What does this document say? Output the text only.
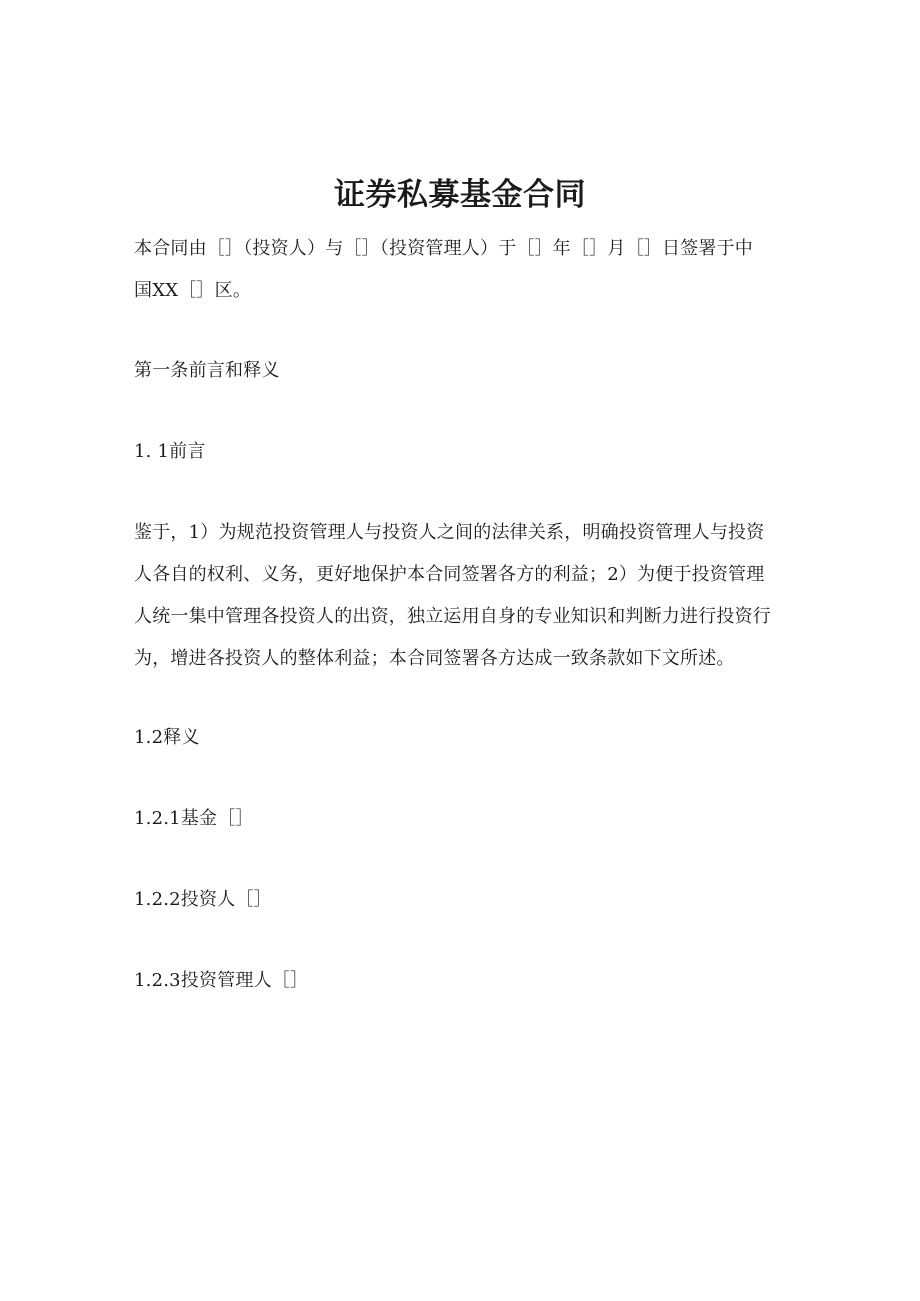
证券私募基金合同

本合同由［］（投资人）与［］（投资管理人）于［］年［］月［］日签署于中
国XX［］区。

第一条前言和释义

1. 1前言

鉴于，1）为规范投资管理人与投资人之间的法律关系，明确投资管理人与投资
人各自的权利、义务，更好地保护本合同签署各方的利益；2）为便于投资管理
人统一集中管理各投资人的出资，独立运用自身的专业知识和判断力进行投资行
为，增进各投资人的整体利益；本合同签署各方达成一致条款如下文所述。

1.2释义

1.2.1基金［］

1.2.2投资人［］

1.2.3投资管理人［］
